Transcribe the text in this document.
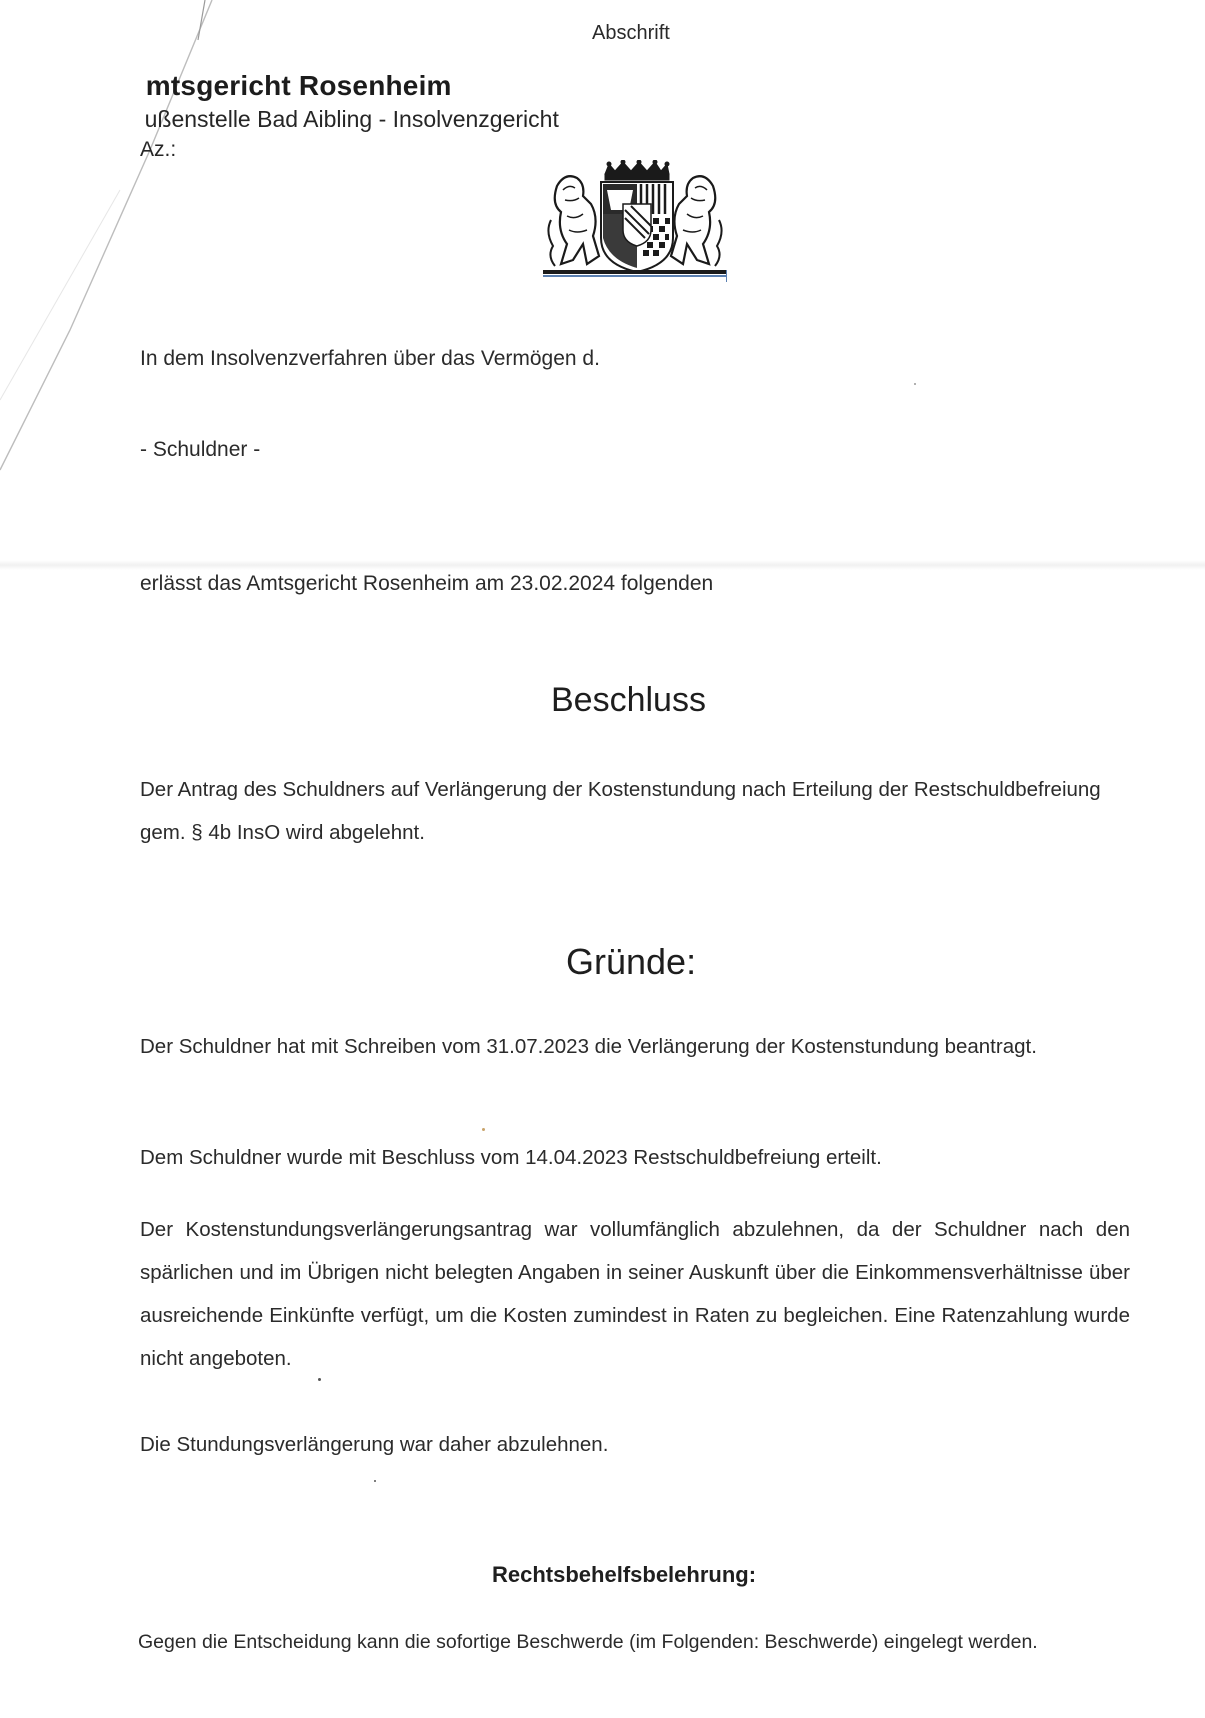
Abschrift

 mtsgericht Rosenheim

 ußenstelle Bad Aibling - Insolvenzgericht

Az.:

In dem Insolvenzverfahren über das Vermögen d.

- Schuldner -

erlässt das Amtsgericht Rosenheim am 23.02.2024 folgenden

Beschluss

Der Antrag des Schuldners auf Verlängerung der Kostenstundung nach Erteilung der Restschuldbefreiung gem. § 4b InsO wird abgelehnt.

Gründe:

Der Schuldner hat mit Schreiben vom 31.07.2023 die Verlängerung der Kostenstundung beantragt.

Dem Schuldner wurde mit Beschluss vom 14.04.2023 Restschuldbefreiung erteilt.

Der Kostenstundungsverlängerungsantrag war vollumfänglich abzulehnen, da der Schuldner nach den spärlichen und im Übrigen nicht belegten Angaben in seiner Auskunft über die Einkommensverhältnisse über ausreichende Einkünfte verfügt, um die Kosten zumindest in Raten zu begleichen. Eine Ratenzahlung wurde nicht angeboten.

Die Stundungsverlängerung war daher abzulehnen.

Rechtsbehelfsbelehrung:

Gegen die Entscheidung kann die sofortige Beschwerde (im Folgenden: Beschwerde) eingelegt werden.
